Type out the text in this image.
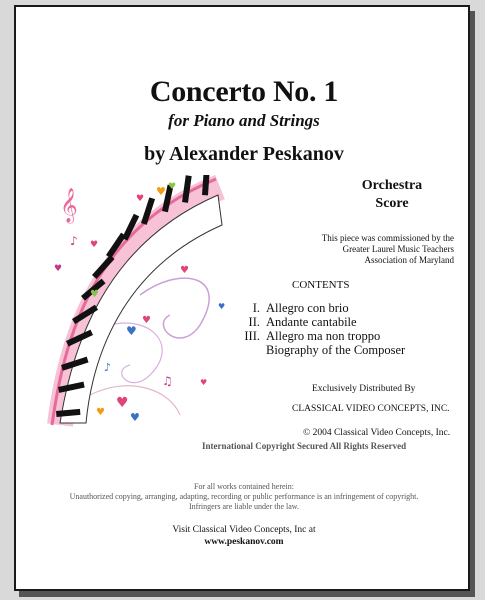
Concerto No. 1
for Piano and Strings
by Alexander Peskanov
Orchestra
Score
This piece was commissioned by the
Greater Laurel Music Teachers
Association of Maryland
CONTENTS
I. Allegro con brio
II. Andante cantabile
III. Allegro ma non troppo
Biography of the Composer
Exclusively Distributed By
CLASSICAL VIDEO CONCEPTS, INC.
© 2004 Classical Video Concepts, Inc.
International Copyright Secured All Rights Reserved
For all works contained herein:
Unauthorized copying, arranging, adapting, recording or public performance is an infringement of copyright.
Infringers are liable under the law.
Visit Classical Video Concepts, Inc at
www.peskanov.com
♥
♥ ♥
♥
♥
♥
♥
♥
♥
♥
♥
♥
♥
♥
𝄞
♪
♫
♪
